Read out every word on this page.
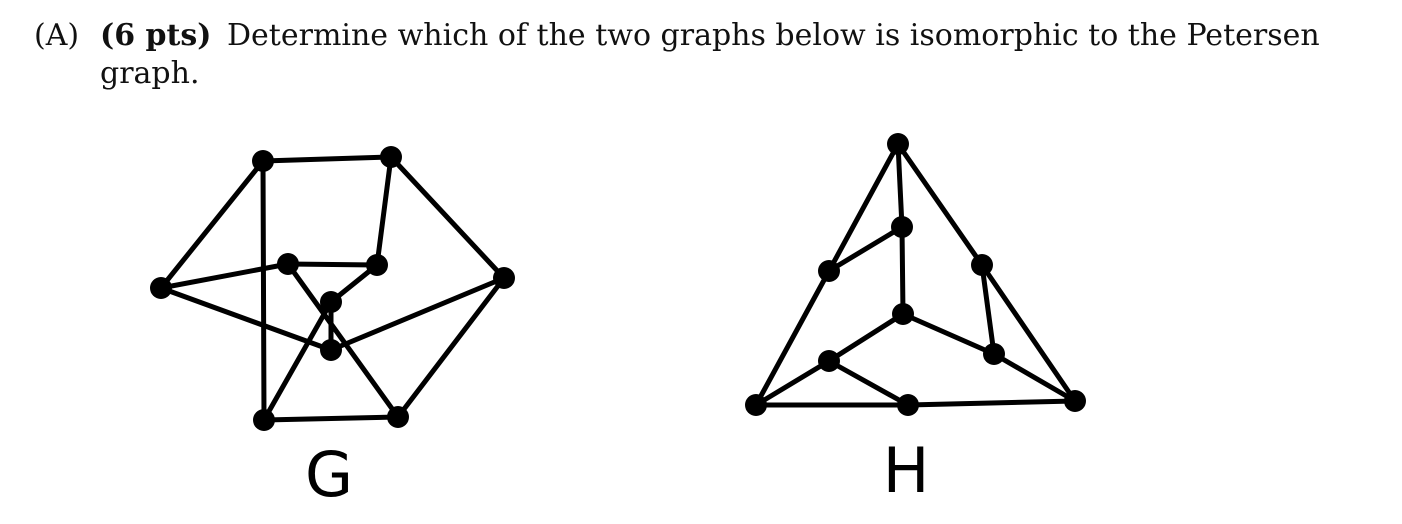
(A) (6 pts) Determine which of the two graphs below is isomorphic to the Petersen
graph.
G	H
